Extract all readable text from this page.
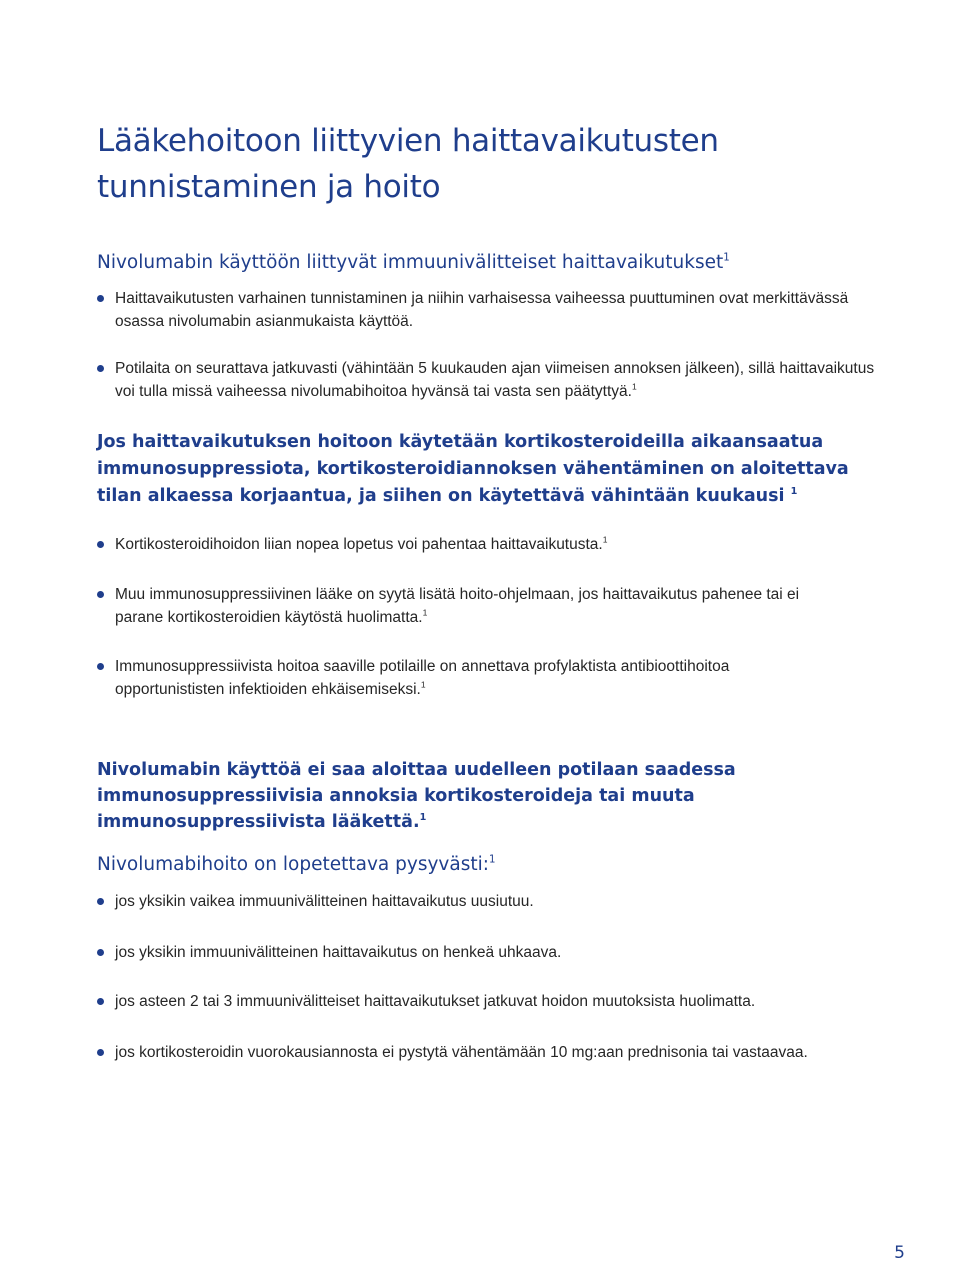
Lääkehoitoon liittyvien haittavaikutusten tunnistaminen ja hoito
Nivolumabin käyttöön liittyvät immuunivälitteiset haittavaikutukset$^1$
Haittavaikutusten varhainen tunnistaminen ja niihin varhaisessa vaiheessa puuttuminen ovat merkittävässä osassa nivolumabin asianmukaista käyttöä.
Potilaita on seurattava jatkuvasti (vähintään 5 kuukauden ajan viimeisen annoksen jälkeen), sillä haittavaikutus voi tulla missä vaiheessa nivolumabihoitoa hyvänsä tai vasta sen päätyttyä.$^1$
Jos haittavaikutuksen hoitoon käytetään kortikosteroideilla aikaansaatua immunosuppressiota, kortikosteroidiannoksen vähentäminen on aloitettava tilan alkaessa korjaantua, ja siihen on käytettävä vähintään kuukausi $^1$
Kortikosteroidihoidon liian nopea lopetus voi pahentaa haittavaikutusta.$^1$
Muu immunosuppressiivinen lääke on syytä lisätä hoito-ohjelmaan, jos haittavaikutus pahenee tai ei parane kortikosteroidien käytöstä huolimatta.$^1$
Immunosuppressiivista hoitoa saaville potilaille on annettava profylaktista antibioottihoitoa opportunististen infektioiden ehkäisemiseksi.$^1$
Nivolumabin käyttöä ei saa aloittaa uudelleen potilaan saadessa immunosuppressiivisia annoksia kortikosteroideja tai muuta immunosuppressiivista lääkettä.$^1$
Nivolumabihoito on lopetettava pysyvästi:$^1$
jos yksikin vaikea immuunivälitteinen haittavaikutus uusiutuu.
jos yksikin immuunivälitteinen haittavaikutus on henkeä uhkaava.
jos asteen 2 tai 3 immuunivälitteiset haittavaikutukset jatkuvat hoidon muutoksista huolimatta.
jos kortikosteroidin vuorokausiannosta ei pystytä vähentämään 10 mg:aan prednisonia tai vastaavaa.
5
